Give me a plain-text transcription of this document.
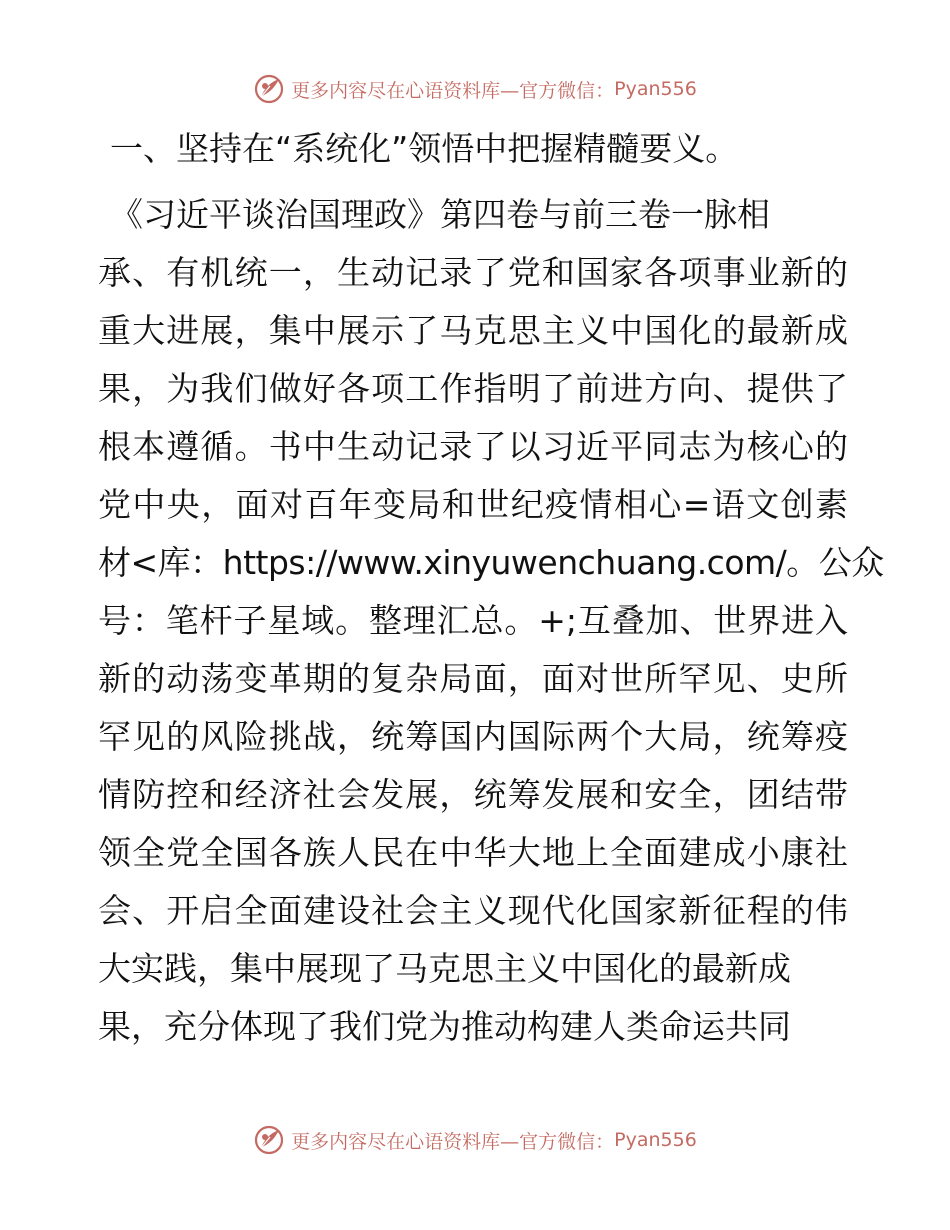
更多内容尽在心语资料库—官方微信： Pyan556
一、坚持在“系统化”领悟中把握精髓要义。
《习近平谈治国理政》第四卷与前三卷一脉相
承、有机统一，生动记录了党和国家各项事业新的
重大进展，集中展示了马克思主义中国化的最新成
果，为我们做好各项工作指明了前进方向、提供了
根本遵循。书中生动记录了以习近平同志为核心的
党中央，面对百年变局和世纪疫情相心=语文创素
材<库：https://www.xinyuwenchuang.com/。公众
号：笔杆子星域。整理汇总。+;互叠加、世界进入
新的动荡变革期的复杂局面，面对世所罕见、史所
罕见的风险挑战，统筹国内国际两个大局，统筹疫
情防控和经济社会发展，统筹发展和安全，团结带
领全党全国各族人民在中华大地上全面建成小康社
会、开启全面建设社会主义现代化国家新征程的伟
大实践，集中展现了马克思主义中国化的最新成
果，充分体现了我们党为推动构建人类命运共同
更多内容尽在心语资料库—官方微信： Pyan556
